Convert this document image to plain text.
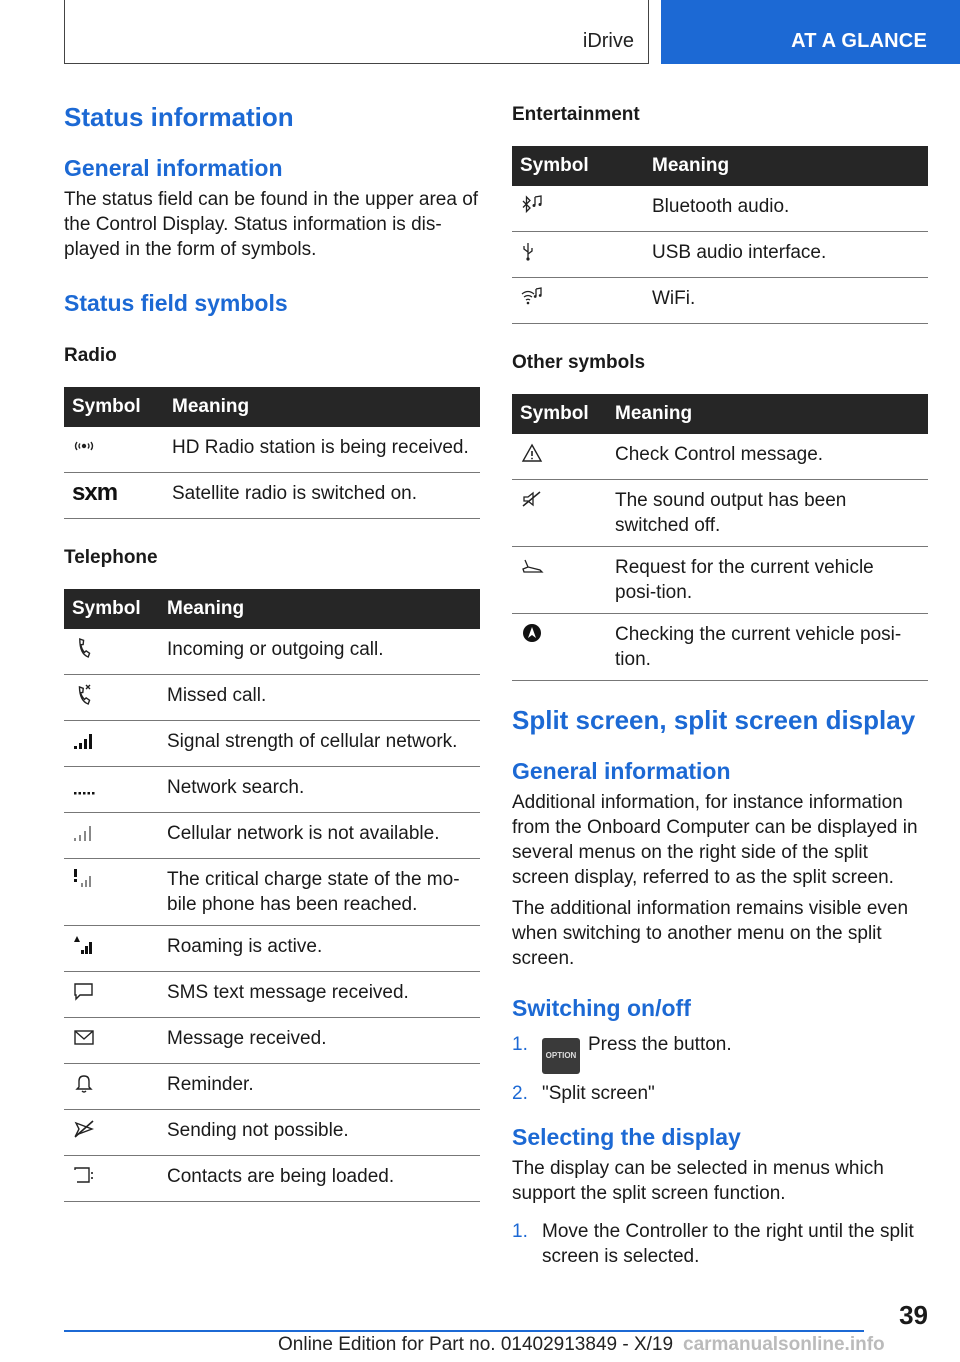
iDrive	AT A GLANCE
Status information
General information
The status field can be found in the upper area of the Control Display. Status information is dis-played in the form of symbols.
Status field symbols
Radio
Symbol	Meaning
	HD Radio station is being received.

sxm	Satellite radio is switched on.
Telephone
Symbol	Meaning
	Incoming or outgoing call.
	Missed call.
	Signal strength of cellular network.
	Network search.
	Cellular network is not available.
	The critical charge state of the mo-bile phone has been reached.
	Roaming is active.
	SMS text message received.
	Message received.
	Reminder.
	Sending not possible.
	Contacts are being loaded.
Entertainment
Symbol	Meaning
	Bluetooth audio.
	USB audio interface.
	WiFi.
Other symbols
Symbol	Meaning
	Check Control message.
	The sound output has been switched off.
	Request for the current vehicle posi-tion.
	Checking the current vehicle posi-tion.
Split screen, split screen display
General information
Additional information, for instance information from the Onboard Computer can be displayed in several menus on the right side of the split screen display, referred to as the split screen.
The additional information remains visible even when switching to another menu on the split screen.
Switching on/off
1.
OPTIONPress the button.
2. "Split screen"
Selecting the display
The display can be selected in menus which support the split screen function.
1. Move the Controller to the right until the split screen is selected.
39
Online Edition for Part no. 01402913849 - X/19 carmanualsonline.info
